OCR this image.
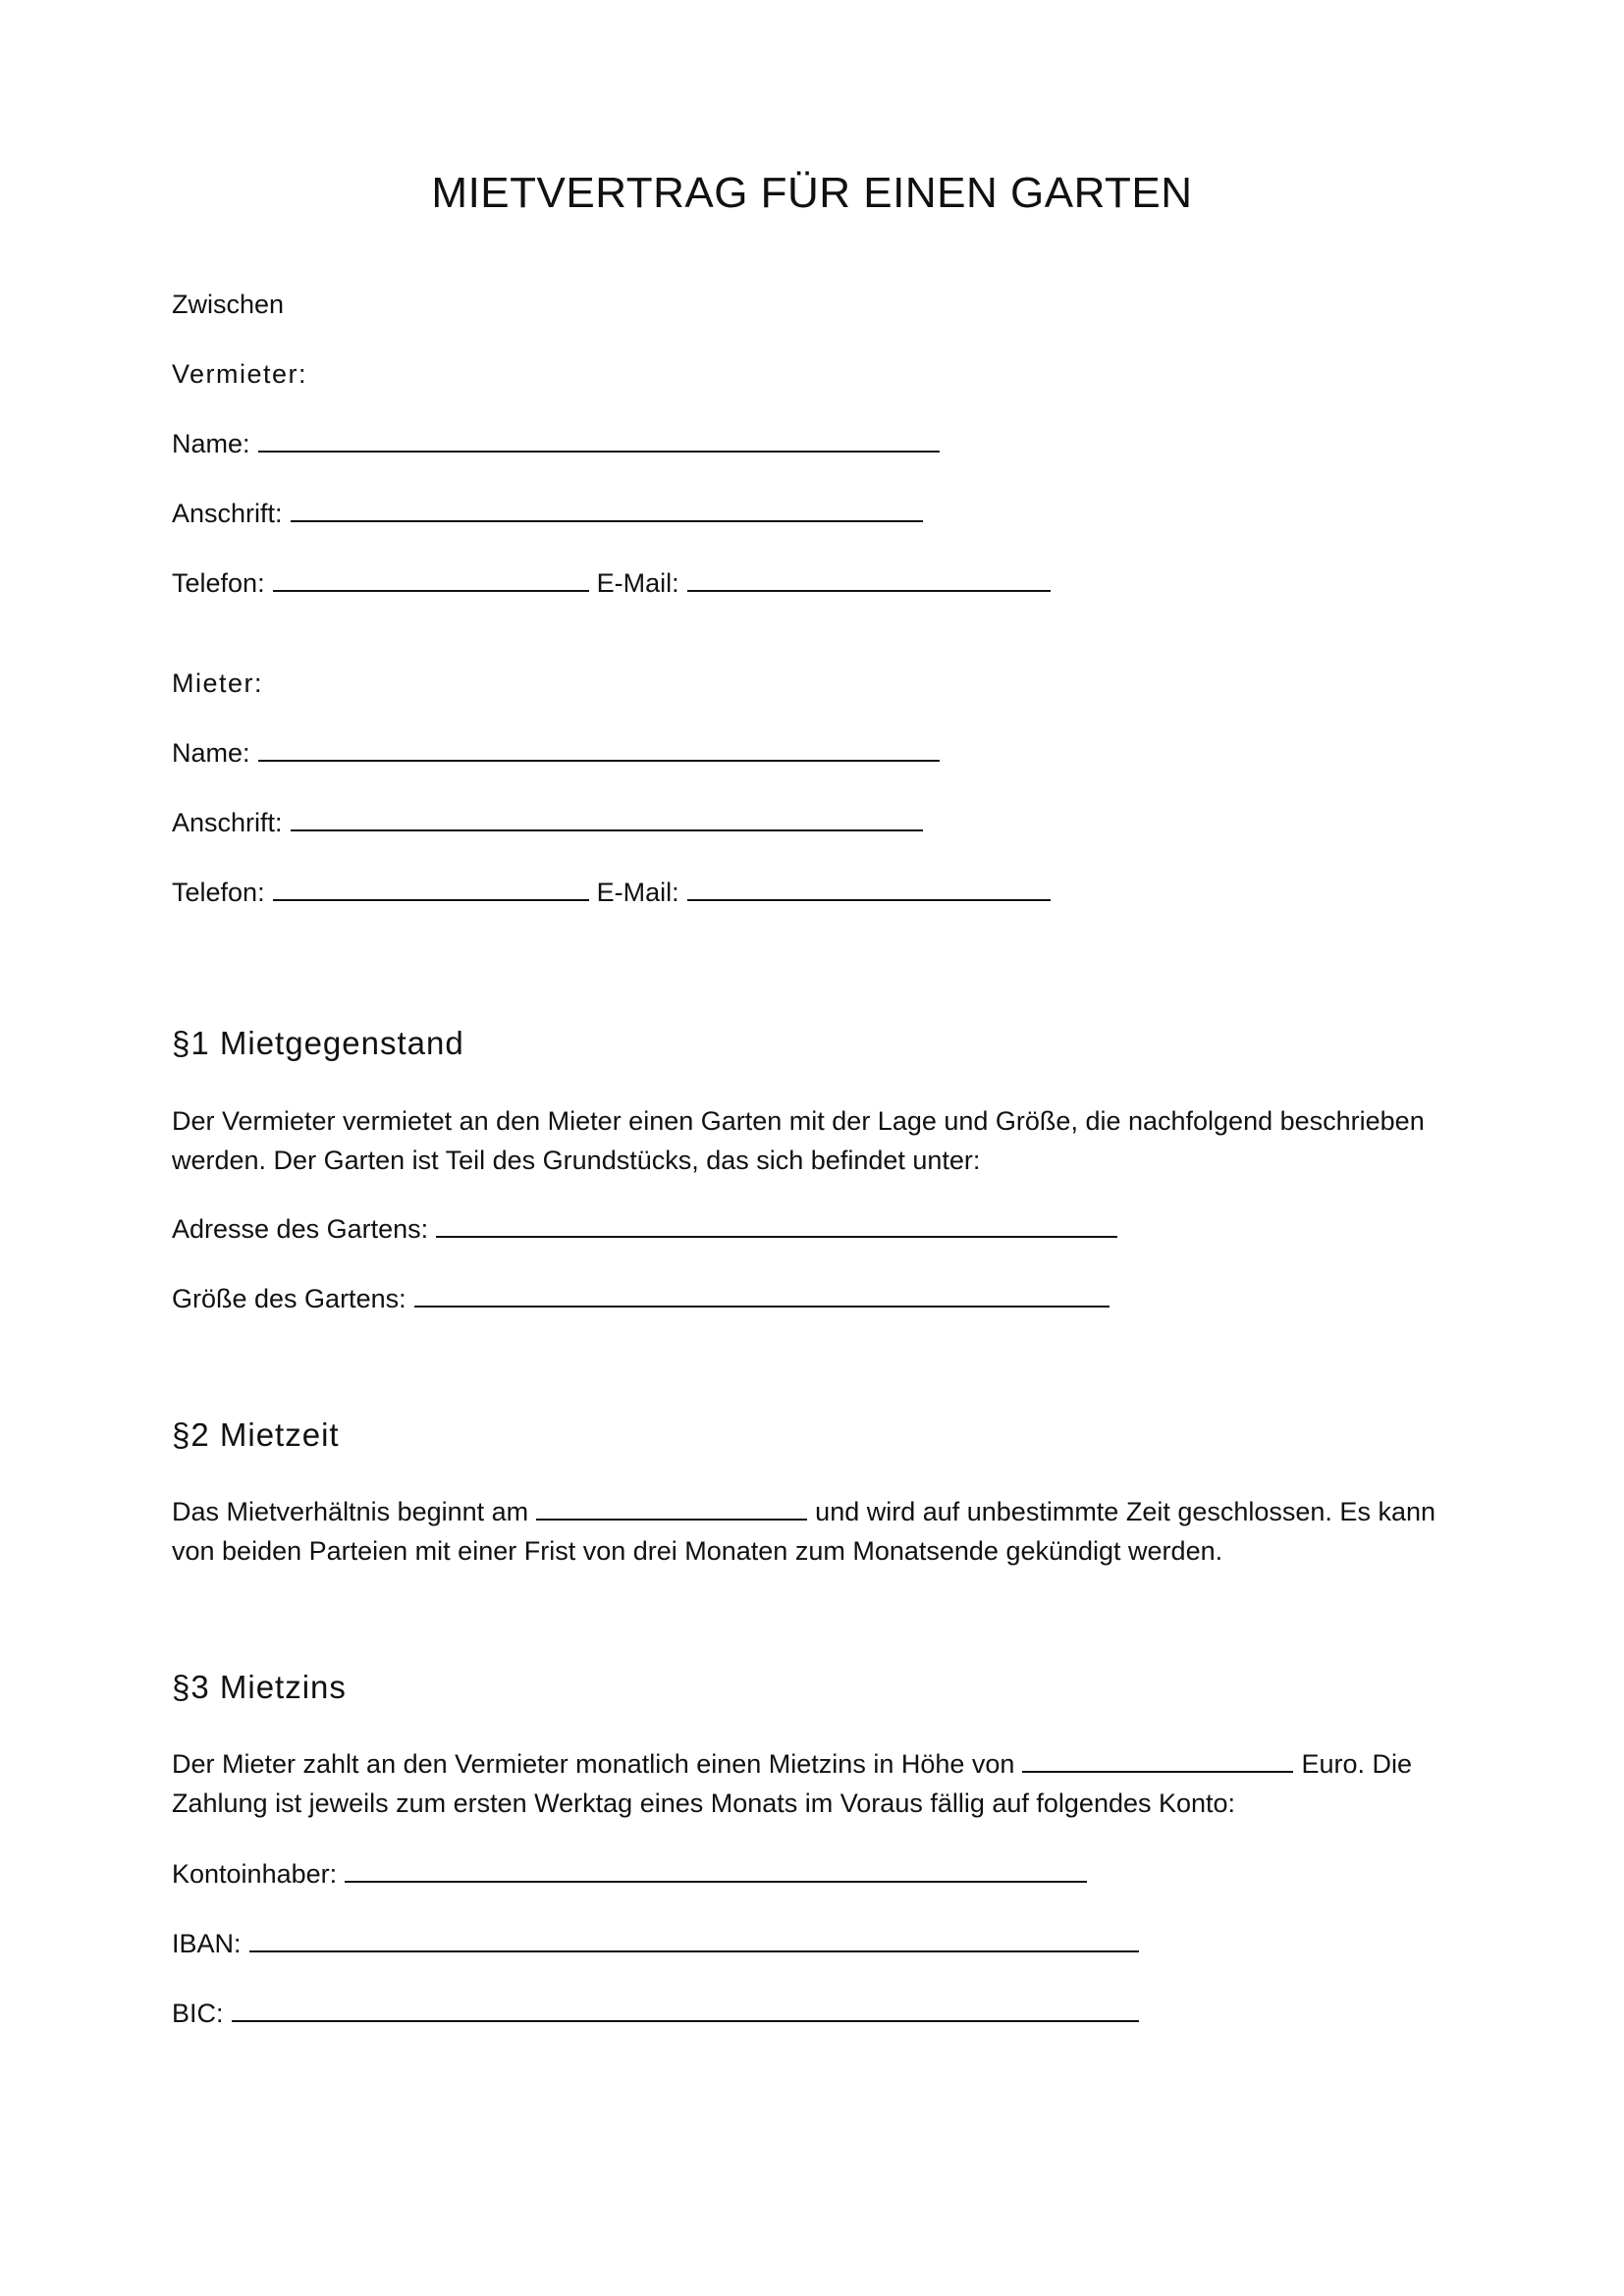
MIETVERTRAG FÜR EINEN GARTEN
Zwischen
Vermieter:
Name:
Anschrift:
Telefon:	E-Mail:
Mieter:
Name:
Anschrift:
Telefon:	E-Mail:
§1 Mietgegenstand

Der Vermieter vermietet an den Mieter einen Garten mit der Lage und Größe, die nachfolgend beschrieben werden. Der Garten ist Teil des Grundstücks, das sich befindet unter:

Adresse des Gartens:
Größe des Gartens:
§2 Mietzeit

Das Mietverhältnis beginnt am	und wird auf unbestimmte Zeit geschlossen. Es kann von beiden Parteien mit einer Frist von drei Monaten zum Monatsende gekündigt werden.

§3 Mietzins

Der Mieter zahlt an den Vermieter monatlich einen Mietzins in Höhe von	Euro. Die Zahlung ist jeweils zum ersten Werktag eines Monats im Voraus fällig auf folgendes Konto:

Kontoinhaber:
IBAN:
BIC:
